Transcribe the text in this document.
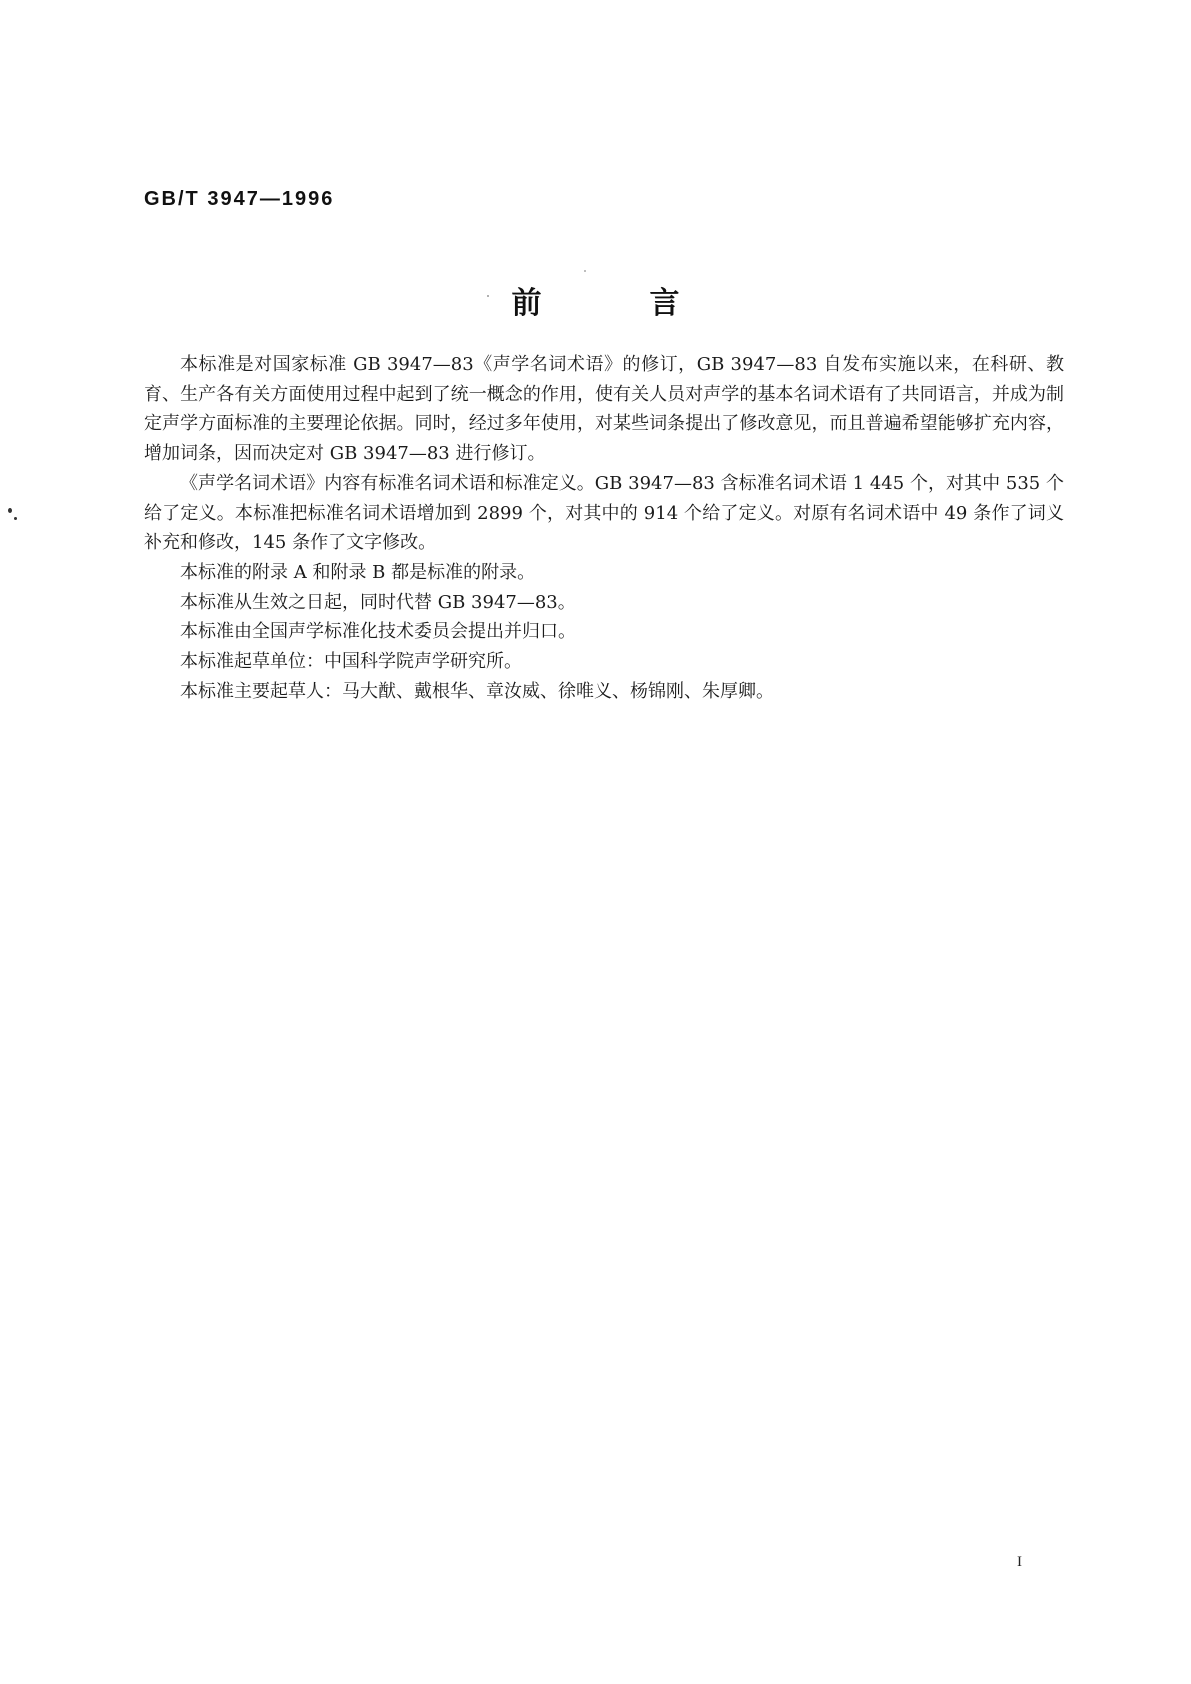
GB/T 3947—1996
前言

本标准是对国家标准 GB 3947—83《声学名词术语》的修订，GB 3947—83 自发布实施以来，在科研、教育、生产各有关方面使用过程中起到了统一概念的作用，使有关人员对声学的基本名词术语有了共同语言，并成为制定声学方面标准的主要理论依据。同时，经过多年使用，对某些词条提出了修改意见，而且普遍希望能够扩充内容，增加词条，因而决定对 GB 3947—83 进行修订。

《声学名词术语》内容有标准名词术语和标准定义。GB 3947—83 含标准名词术语 1 445 个，对其中 535 个给了定义。本标准把标准名词术语增加到 2899 个，对其中的 914 个给了定义。对原有名词术语中 49 条作了词义补充和修改，145 条作了文字修改。

本标准的附录 A 和附录 B 都是标准的附录。

本标准从生效之日起，同时代替 GB 3947—83。

本标准由全国声学标准化技术委员会提出并归口。

本标准起草单位：中国科学院声学研究所。

本标准主要起草人：马大猷、戴根华、章汝威、徐唯义、杨锦刚、朱厚卿。

I
